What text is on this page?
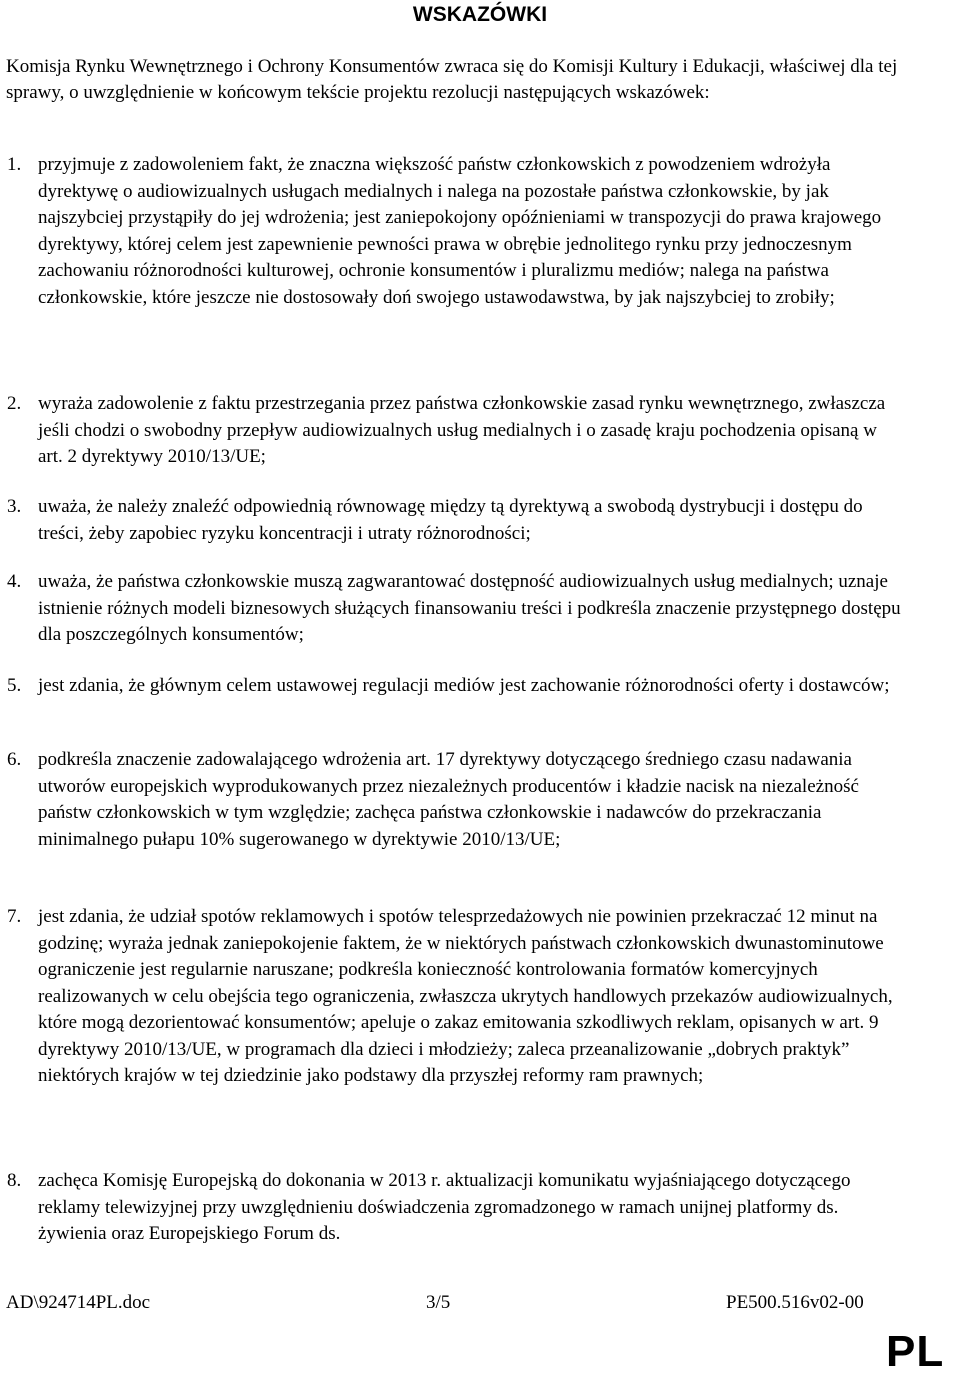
WSKAZÓWKI
Komisja Rynku Wewnętrznego i Ochrony Konsumentów zwraca się do Komisji Kultury i Edukacji, właściwej dla tej sprawy, o uwzględnienie w końcowym tekście projektu rezolucji następujących wskazówek:
1. przyjmuje z zadowoleniem fakt, że znaczna większość państw członkowskich z powodzeniem wdrożyła dyrektywę o audiowizualnych usługach medialnych i nalega na pozostałe państwa członkowskie, by jak najszybciej przystąpiły do jej wdrożenia; jest zaniepokojony opóźnieniami w transpozycji do prawa krajowego dyrektywy, której celem jest zapewnienie pewności prawa w obrębie jednolitego rynku przy jednoczesnym zachowaniu różnorodności kulturowej, ochronie konsumentów i pluralizmu mediów; nalega na państwa członkowskie, które jeszcze nie dostosowały doń swojego ustawodawstwa, by jak najszybciej to zrobiły;
2. wyraża zadowolenie z faktu przestrzegania przez państwa członkowskie zasad rynku wewnętrznego, zwłaszcza jeśli chodzi o swobodny przepływ audiowizualnych usług medialnych i o zasadę kraju pochodzenia opisaną w art. 2 dyrektywy 2010/13/UE;
3. uważa, że należy znaleźć odpowiednią równowagę między tą dyrektywą a swobodą dystrybucji i dostępu do treści, żeby zapobiec ryzyku koncentracji i utraty różnorodności;
4. uważa, że państwa członkowskie muszą zagwarantować dostępność audiowizualnych usług medialnych; uznaje istnienie różnych modeli biznesowych służących finansowaniu treści i podkreśla znaczenie przystępnego dostępu dla poszczególnych konsumentów;
5. jest zdania, że głównym celem ustawowej regulacji mediów jest zachowanie różnorodności oferty i dostawców;
6. podkreśla znaczenie zadowalającego wdrożenia art. 17 dyrektywy dotyczącego średniego czasu nadawania utworów europejskich wyprodukowanych przez niezależnych producentów i kładzie nacisk na niezależność państw członkowskich w tym względzie; zachęca państwa członkowskie i nadawców do przekraczania minimalnego pułapu 10% sugerowanego w dyrektywie 2010/13/UE;
7. jest zdania, że udział spotów reklamowych i spotów telesprzedażowych nie powinien przekraczać 12 minut na godzinę; wyraża jednak zaniepokojenie faktem, że w niektórych państwach członkowskich dwunastominutowe ograniczenie jest regularnie naruszane; podkreśla konieczność kontrolowania formatów komercyjnych realizowanych w celu obejścia tego ograniczenia, zwłaszcza ukrytych handlowych przekazów audiowizualnych, które mogą dezorientować konsumentów; apeluje o zakaz emitowania szkodliwych reklam, opisanych w art. 9 dyrektywy 2010/13/UE, w programach dla dzieci i młodzieży; zaleca przeanalizowanie „dobrych praktyk” niektórych krajów w tej dziedzinie jako podstawy dla przyszłej reformy ram prawnych;
8. zachęca Komisję Europejską do dokonania w 2013 r. aktualizacji komunikatu wyjaśniającego dotyczącego reklamy telewizyjnej przy uwzględnieniu doświadczenia zgromadzonego w ramach unijnej platformy ds. żywienia oraz Europejskiego Forum ds.
AD\924714PL.doc	3/5	PE500.516v02-00
PL
